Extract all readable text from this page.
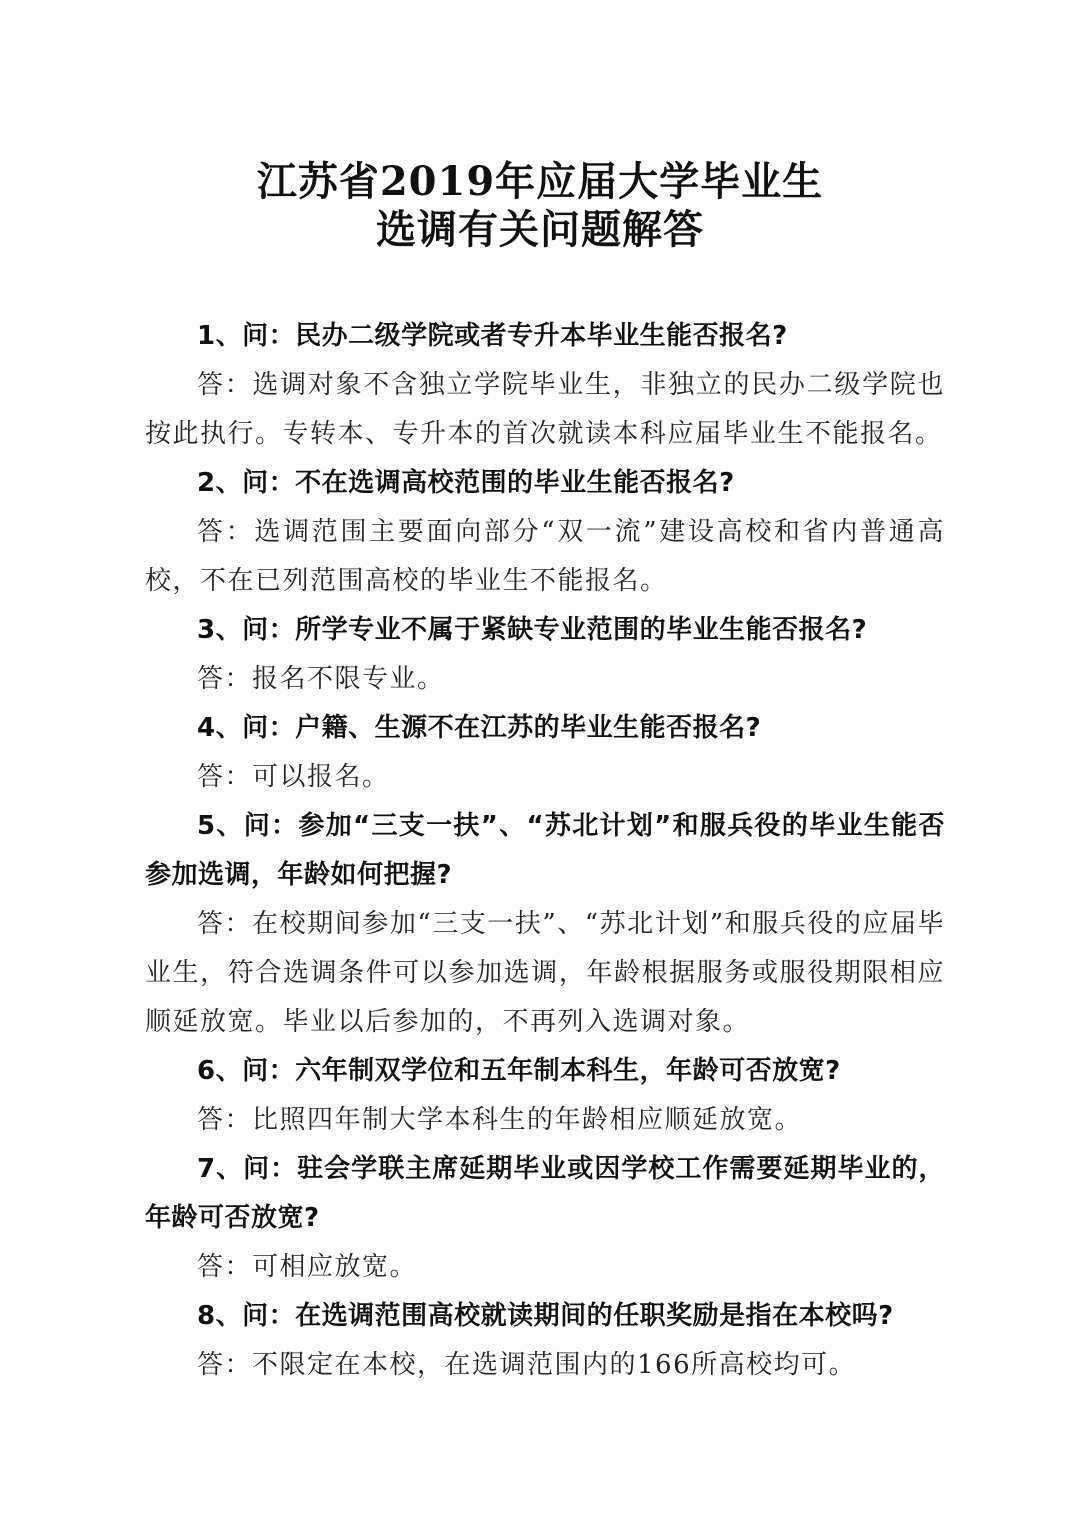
江苏省2019年应届大学毕业生
选调有关问题解答

1、问：民办二级学院或者专升本毕业生能否报名?

答：选调对象不含独立学院毕业生，非独立的民办二级学院也按此执行。专转本、专升本的首次就读本科应届毕业生不能报名。

2、问：不在选调高校范围的毕业生能否报名?

答：选调范围主要面向部分“双一流”建设高校和省内普通高校，不在已列范围高校的毕业生不能报名。

3、问：所学专业不属于紧缺专业范围的毕业生能否报名?

答：报名不限专业。

4、问：户籍、生源不在江苏的毕业生能否报名?

答：可以报名。

5、问：参加“三支一扶”、“苏北计划”和服兵役的毕业生能否参加选调，年龄如何把握?

答：在校期间参加“三支一扶”、“苏北计划”和服兵役的应届毕业生，符合选调条件可以参加选调，年龄根据服务或服役期限相应顺延放宽。毕业以后参加的，不再列入选调对象。

6、问：六年制双学位和五年制本科生，年龄可否放宽?

答：比照四年制大学本科生的年龄相应顺延放宽。

7、问：驻会学联主席延期毕业或因学校工作需要延期毕业的，年龄可否放宽?

答：可相应放宽。

8、问：在选调范围高校就读期间的任职奖励是指在本校吗?

答：不限定在本校，在选调范围内的166所高校均可。
